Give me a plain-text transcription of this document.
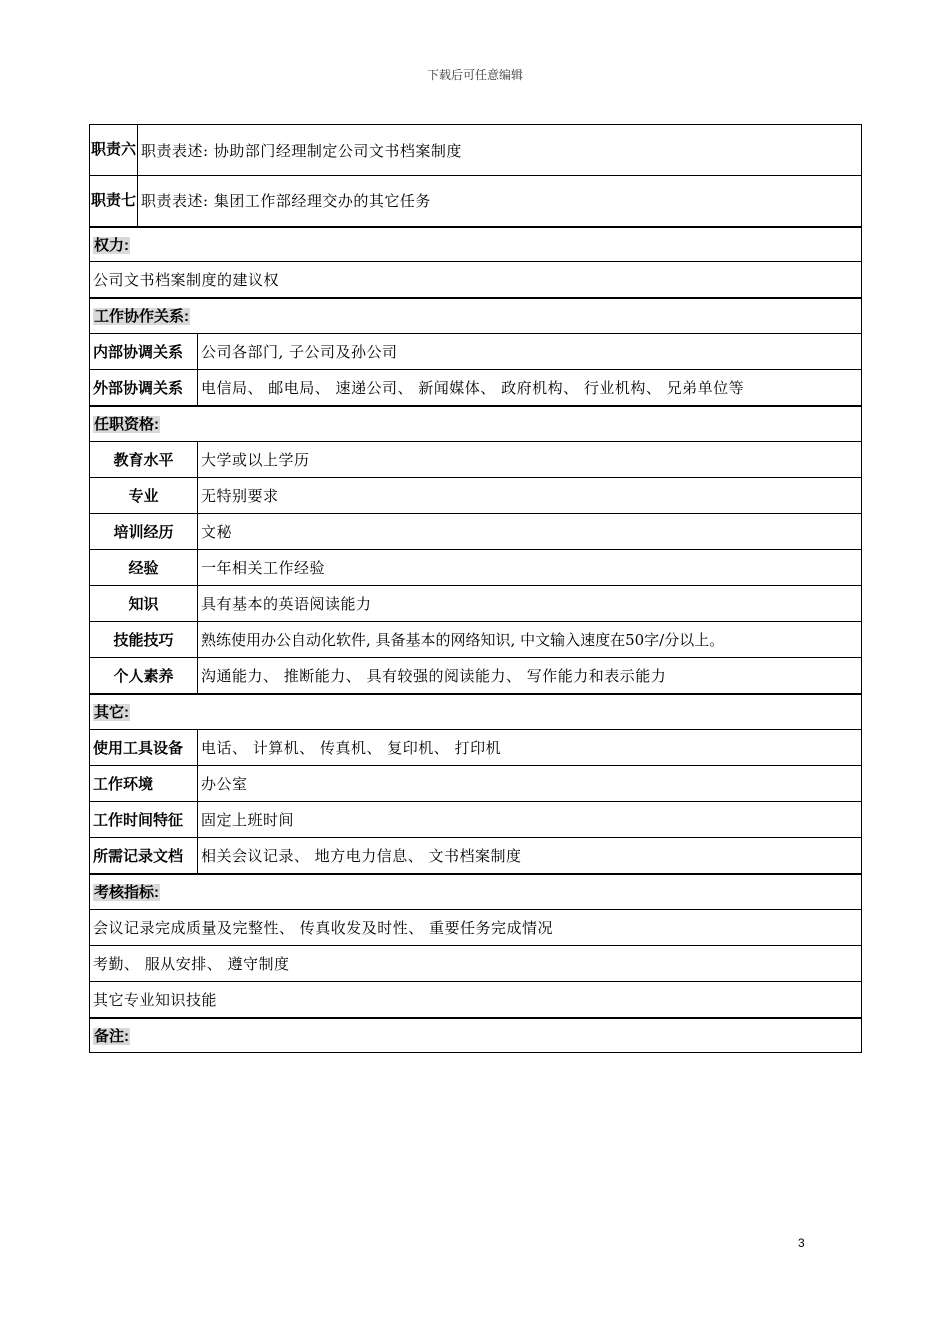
下载后可任意编辑
职责六	职责表述: 协助部门经理制定公司文书档案制度	
职责七	职责表述: 集团工作部经理交办的其它任务	
权力:		
公司文书档案制度的建议权		
工作协作关系:		
内部协调关系		公司各部门, 子公司及孙公司
外部协调关系		电信局、 邮电局、 速递公司、 新闻媒体、 政府机构、 行业机构、 兄弟单位等
任职资格:		
教育水平		大学或以上学历
专业		无特别要求
培训经历		文秘
经验		一年相关工作经验
知识		具有基本的英语阅读能力
技能技巧		熟练使用办公自动化软件, 具备基本的网络知识, 中文输入速度在50字/分以上。
个人素养		沟通能力、 推断能力、 具有较强的阅读能力、 写作能力和表示能力
其它:		
使用工具设备		电话、 计算机、 传真机、 复印机、 打印机
工作环境		办公室
工作时间特征		固定上班时间
所需记录文档		相关会议记录、 地方电力信息、 文书档案制度
考核指标:		
会议记录完成质量及完整性、 传真收发及时性、 重要任务完成情况		
考勤、 服从安排、 遵守制度		
其它专业知识技能		
备注:		
3
